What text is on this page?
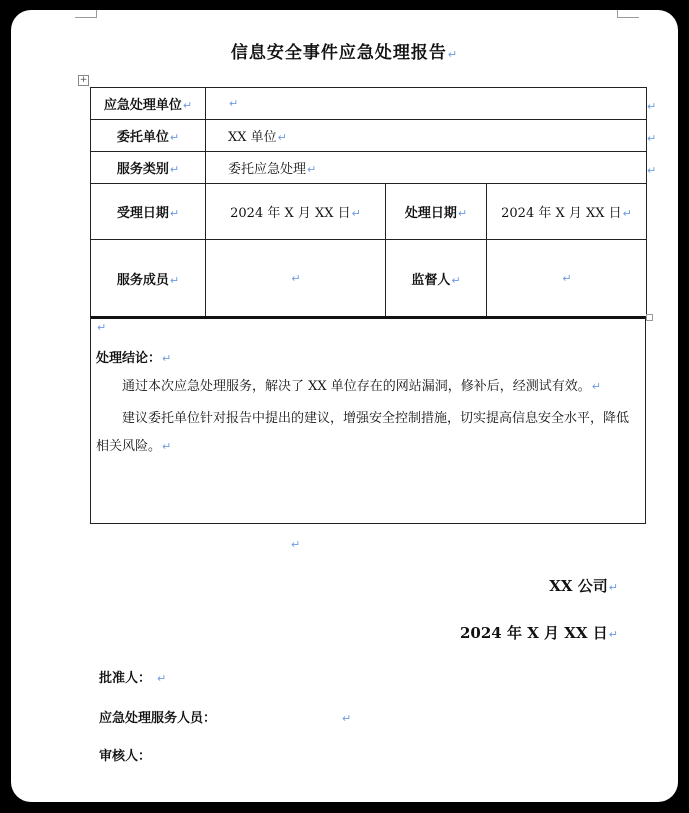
信息安全事件应急处理报告↵
+
应急处理单位↵	↵		
委托单位↵	XX 单位↵		
服务类别↵	委托应急处理↵		
受理日期↵	2024 年 X 月 XX 日↵	处理日期↵	2024 年 X 月 XX 日↵
服务成员↵	↵	监督人↵	↵
↵
↵
↵
↵
处理结论：↵
通过本次应急处理服务，解决了 XX 单位存在的网站漏洞，修补后，经测试有效。↵
建议委托单位针对报告中提出的建议，增强安全控制措施，切实提高信息安全水平，降低相关风险。↵
↵
XX 公司↵
2024 年 X 月 XX 日↵
批准人： ↵
应急处理服务人员：	↵
审核人：
